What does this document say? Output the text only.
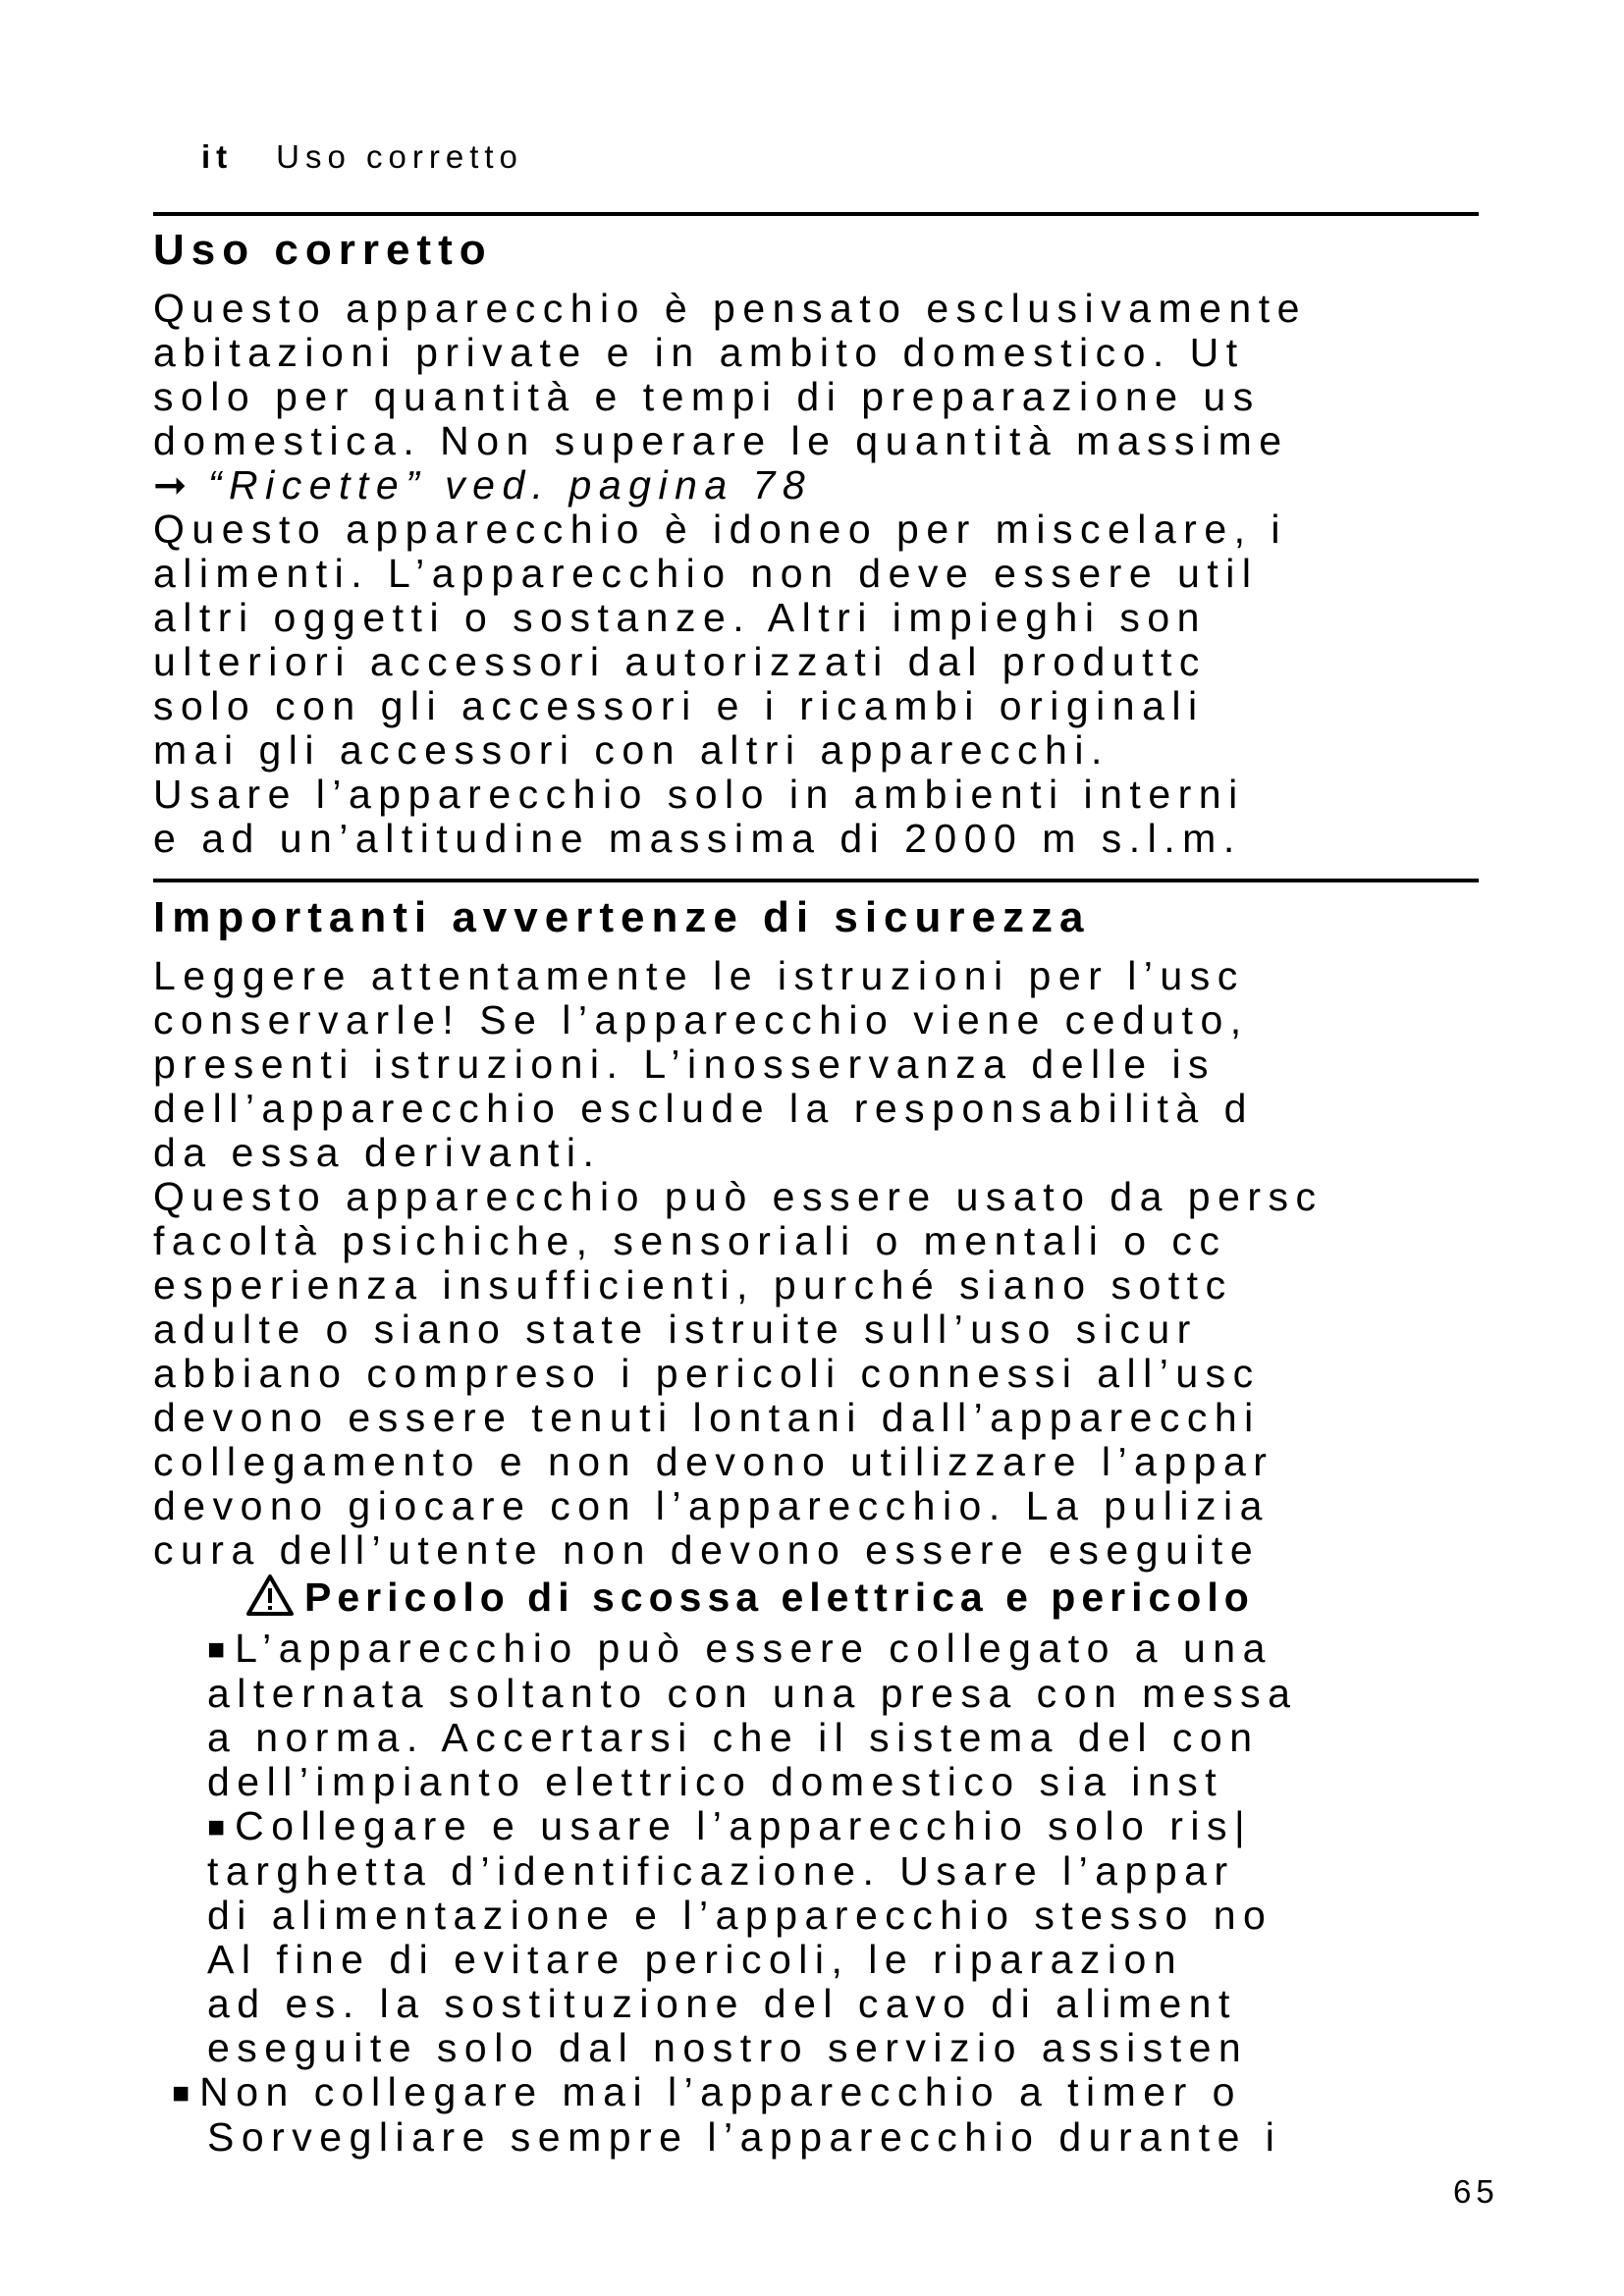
it Uso corretto
Uso corretto

Questo apparecchio è pensato esclusivamente

abitazioni private e in ambito domestico. Ut

solo per quantità e tempi di preparazione us

domestica. Non superare le quantità massime

➞ “Ricette” ved. pagina 78

Questo apparecchio è idoneo per miscelare, i

alimenti. L’apparecchio non deve essere util

altri oggetti o sostanze. Altri impieghi son

ulteriori accessori autorizzati dal produttc

solo con gli accessori e i ricambi originali

mai gli accessori con altri apparecchi.

Usare l’apparecchio solo in ambienti interni

e ad un’altitudine massima di 2000 m s.l.m.

Importanti avvertenze di sicurezza

Leggere attentamente le istruzioni per l’usc

conservarle! Se l’apparecchio viene ceduto,

presenti istruzioni. L’inosservanza delle is

dell’apparecchio esclude la responsabilità d

da essa derivanti.

Questo apparecchio può essere usato da persc

facoltà psichiche, sensoriali o mentali o cc

esperienza insufficienti, purché siano sottc

adulte o siano state istruite sull’uso sicur

abbiano compreso i pericoli connessi all’usc

devono essere tenuti lontani dall’apparecchi

collegamento e non devono utilizzare l’appar

devono giocare con l’apparecchio. La pulizia

cura dell’utente non devono essere eseguite

Pericolo di scossa elettrica e pericolo

■ L’apparecchio può essere collegato a una

alternata soltanto con una presa con messa

a norma. Accertarsi che il sistema del con

dell’impianto elettrico domestico sia inst

■ Collegare e usare l’apparecchio solo ris|

targhetta d’identificazione. Usare l’appar

di alimentazione e l’apparecchio stesso no

Al fine di evitare pericoli, le riparazion

ad es. la sostituzione del cavo di aliment

eseguite solo dal nostro servizio assisten

■ Non collegare mai l’apparecchio a timer o

Sorvegliare sempre l’apparecchio durante i

65
